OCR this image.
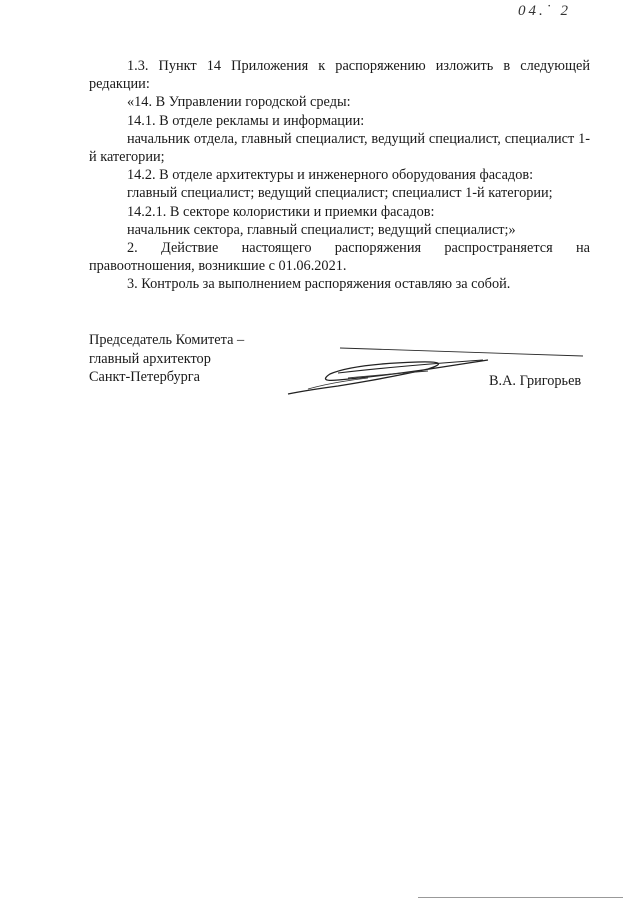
04.˙ 2

1.3. Пункт 14 Приложения к распоряжению изложить в следующей редакции:

«14. В Управлении городской среды:

14.1. В отделе рекламы и информации:

начальник отдела, главный специалист, ведущий специалист, специалист 1-й категории;

14.2. В отделе архитектуры и инженерного оборудования фасадов:

главный специалист; ведущий специалист; специалист 1-й категории;

14.2.1. В секторе колористики и приемки фасадов:

начальник сектора, главный специалист; ведущий специалист;»

2. Действие настоящего распоряжения распространяется на правоотношения, возникшие с 01.06.2021.

3. Контроль за выполнением распоряжения оставляю за собой.

Председатель Комитета –
главный архитектор
Санкт-Петербурга	В.А. Григорьев
